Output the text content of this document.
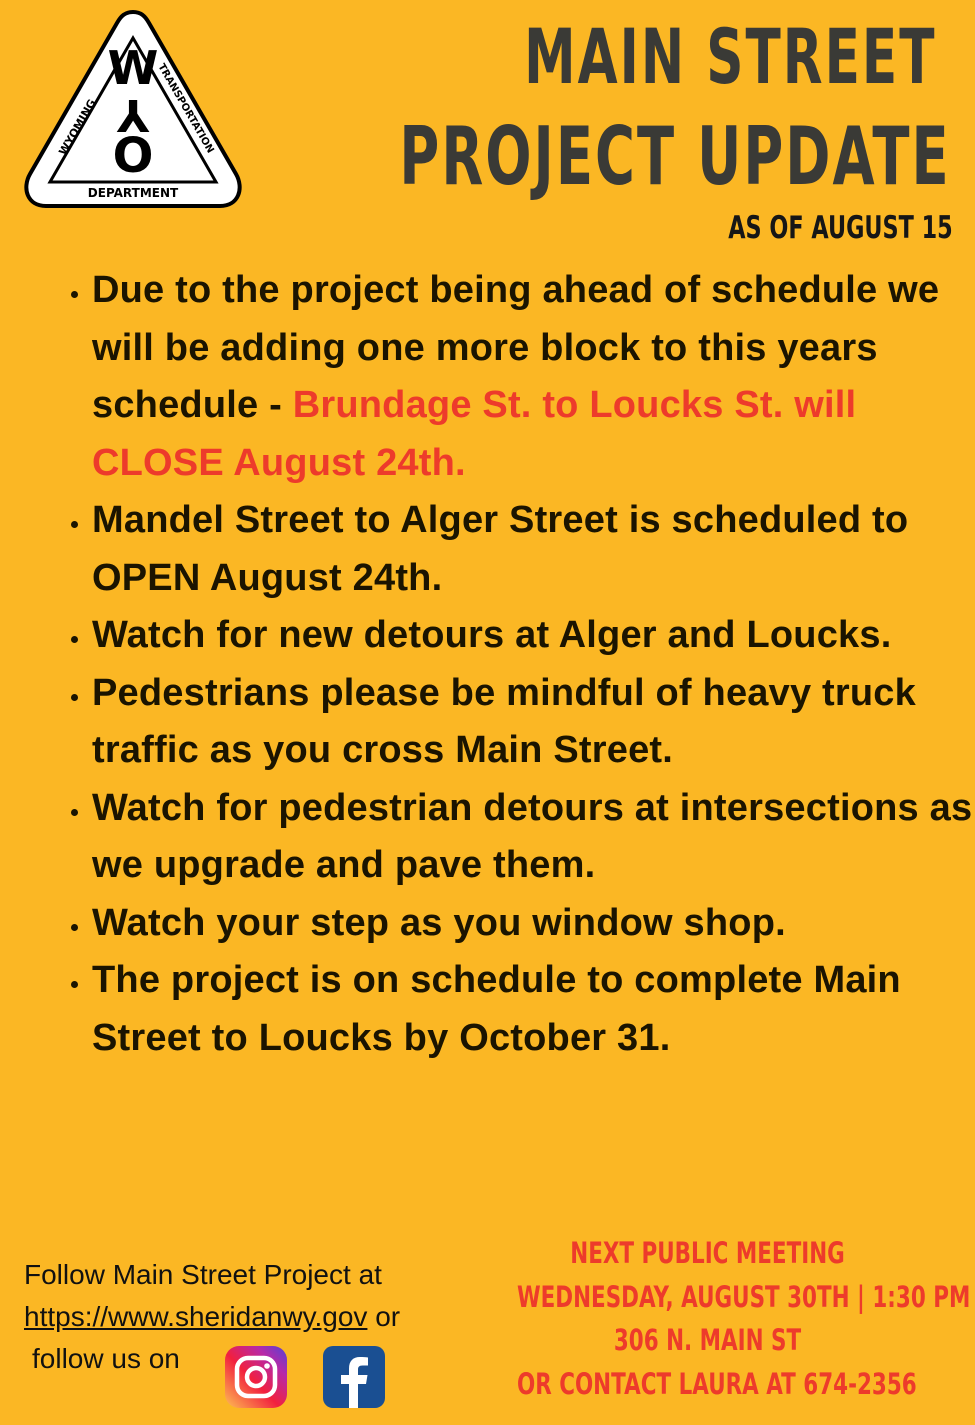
W
Y
O
WYOMING	TRANSPORTATION
DEPARTMENT
MAIN STREET
PROJECT UPDATE

AS OF AUGUST 15

• Due to the project being ahead of schedule we will be adding one more block to this years schedule - Brundage St. to Loucks St. will CLOSE August 24th.
• Mandel Street to Alger Street is scheduled to OPEN August 24th.
• Watch for new detours at Alger and Loucks.
• Pedestrians please be mindful of heavy truck traffic as you cross Main Street.
• Watch for pedestrian detours at intersections as we upgrade and pave them.
• Watch your step as you window shop.
• The project is on schedule to complete Main Street to Loucks by October 31.

Follow Main Street Project at

https://www.sheridanwy.gov or

follow us on

NEXT PUBLIC MEETING

WEDNESDAY, AUGUST 30TH | 1:30 PM

306 N. MAIN ST

OR CONTACT LAURA AT 674-2356
